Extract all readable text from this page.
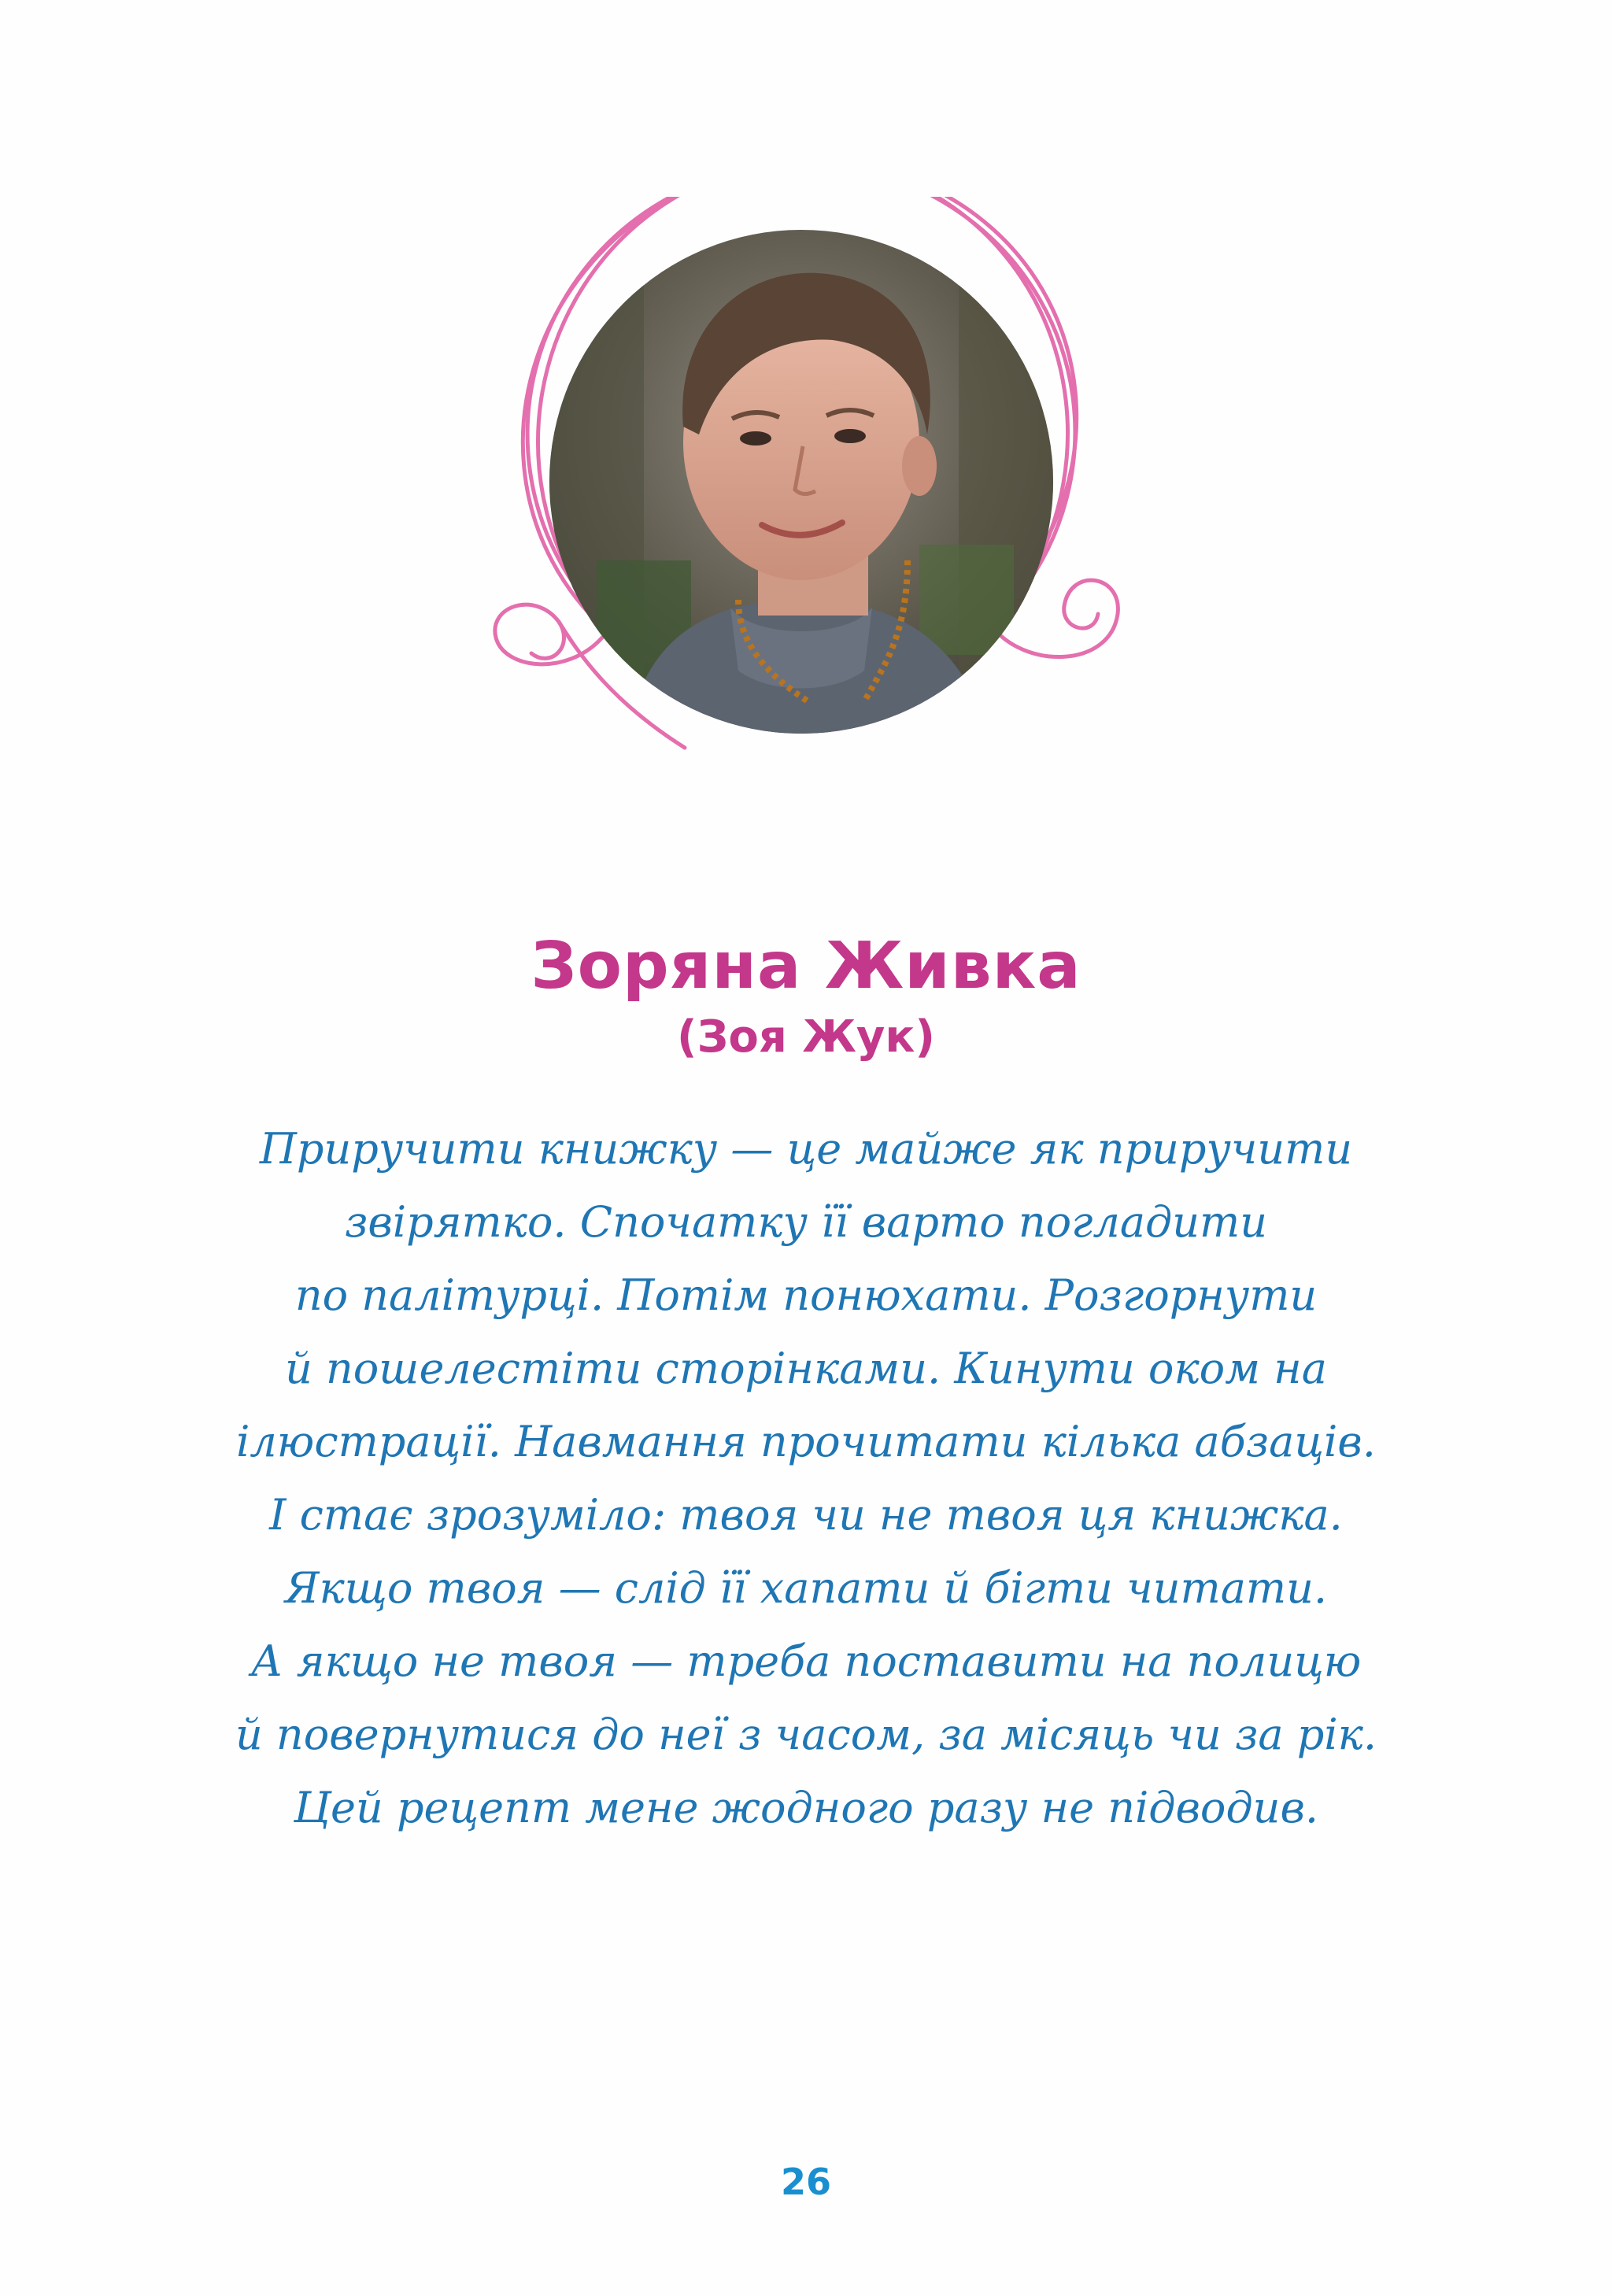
Зоряна Живка
(Зоя Жук)
Приручити книжку — це майже як приручити
звірятко. Спочатку її варто погладити
по палітурці. Потім понюхати. Розгорнути
й пошелестіти сторінками. Кинути оком на
ілюстрації. Навмання прочитати кілька абзаців.
І стає зрозуміло: твоя чи не твоя ця книжка.
Якщо твоя — слід її хапати й бігти читати.
А якщо не твоя — треба поставити на полицю
й повернутися до неї з часом, за місяць чи за рік.
Цей рецепт мене жодного разу не підводив.
26
